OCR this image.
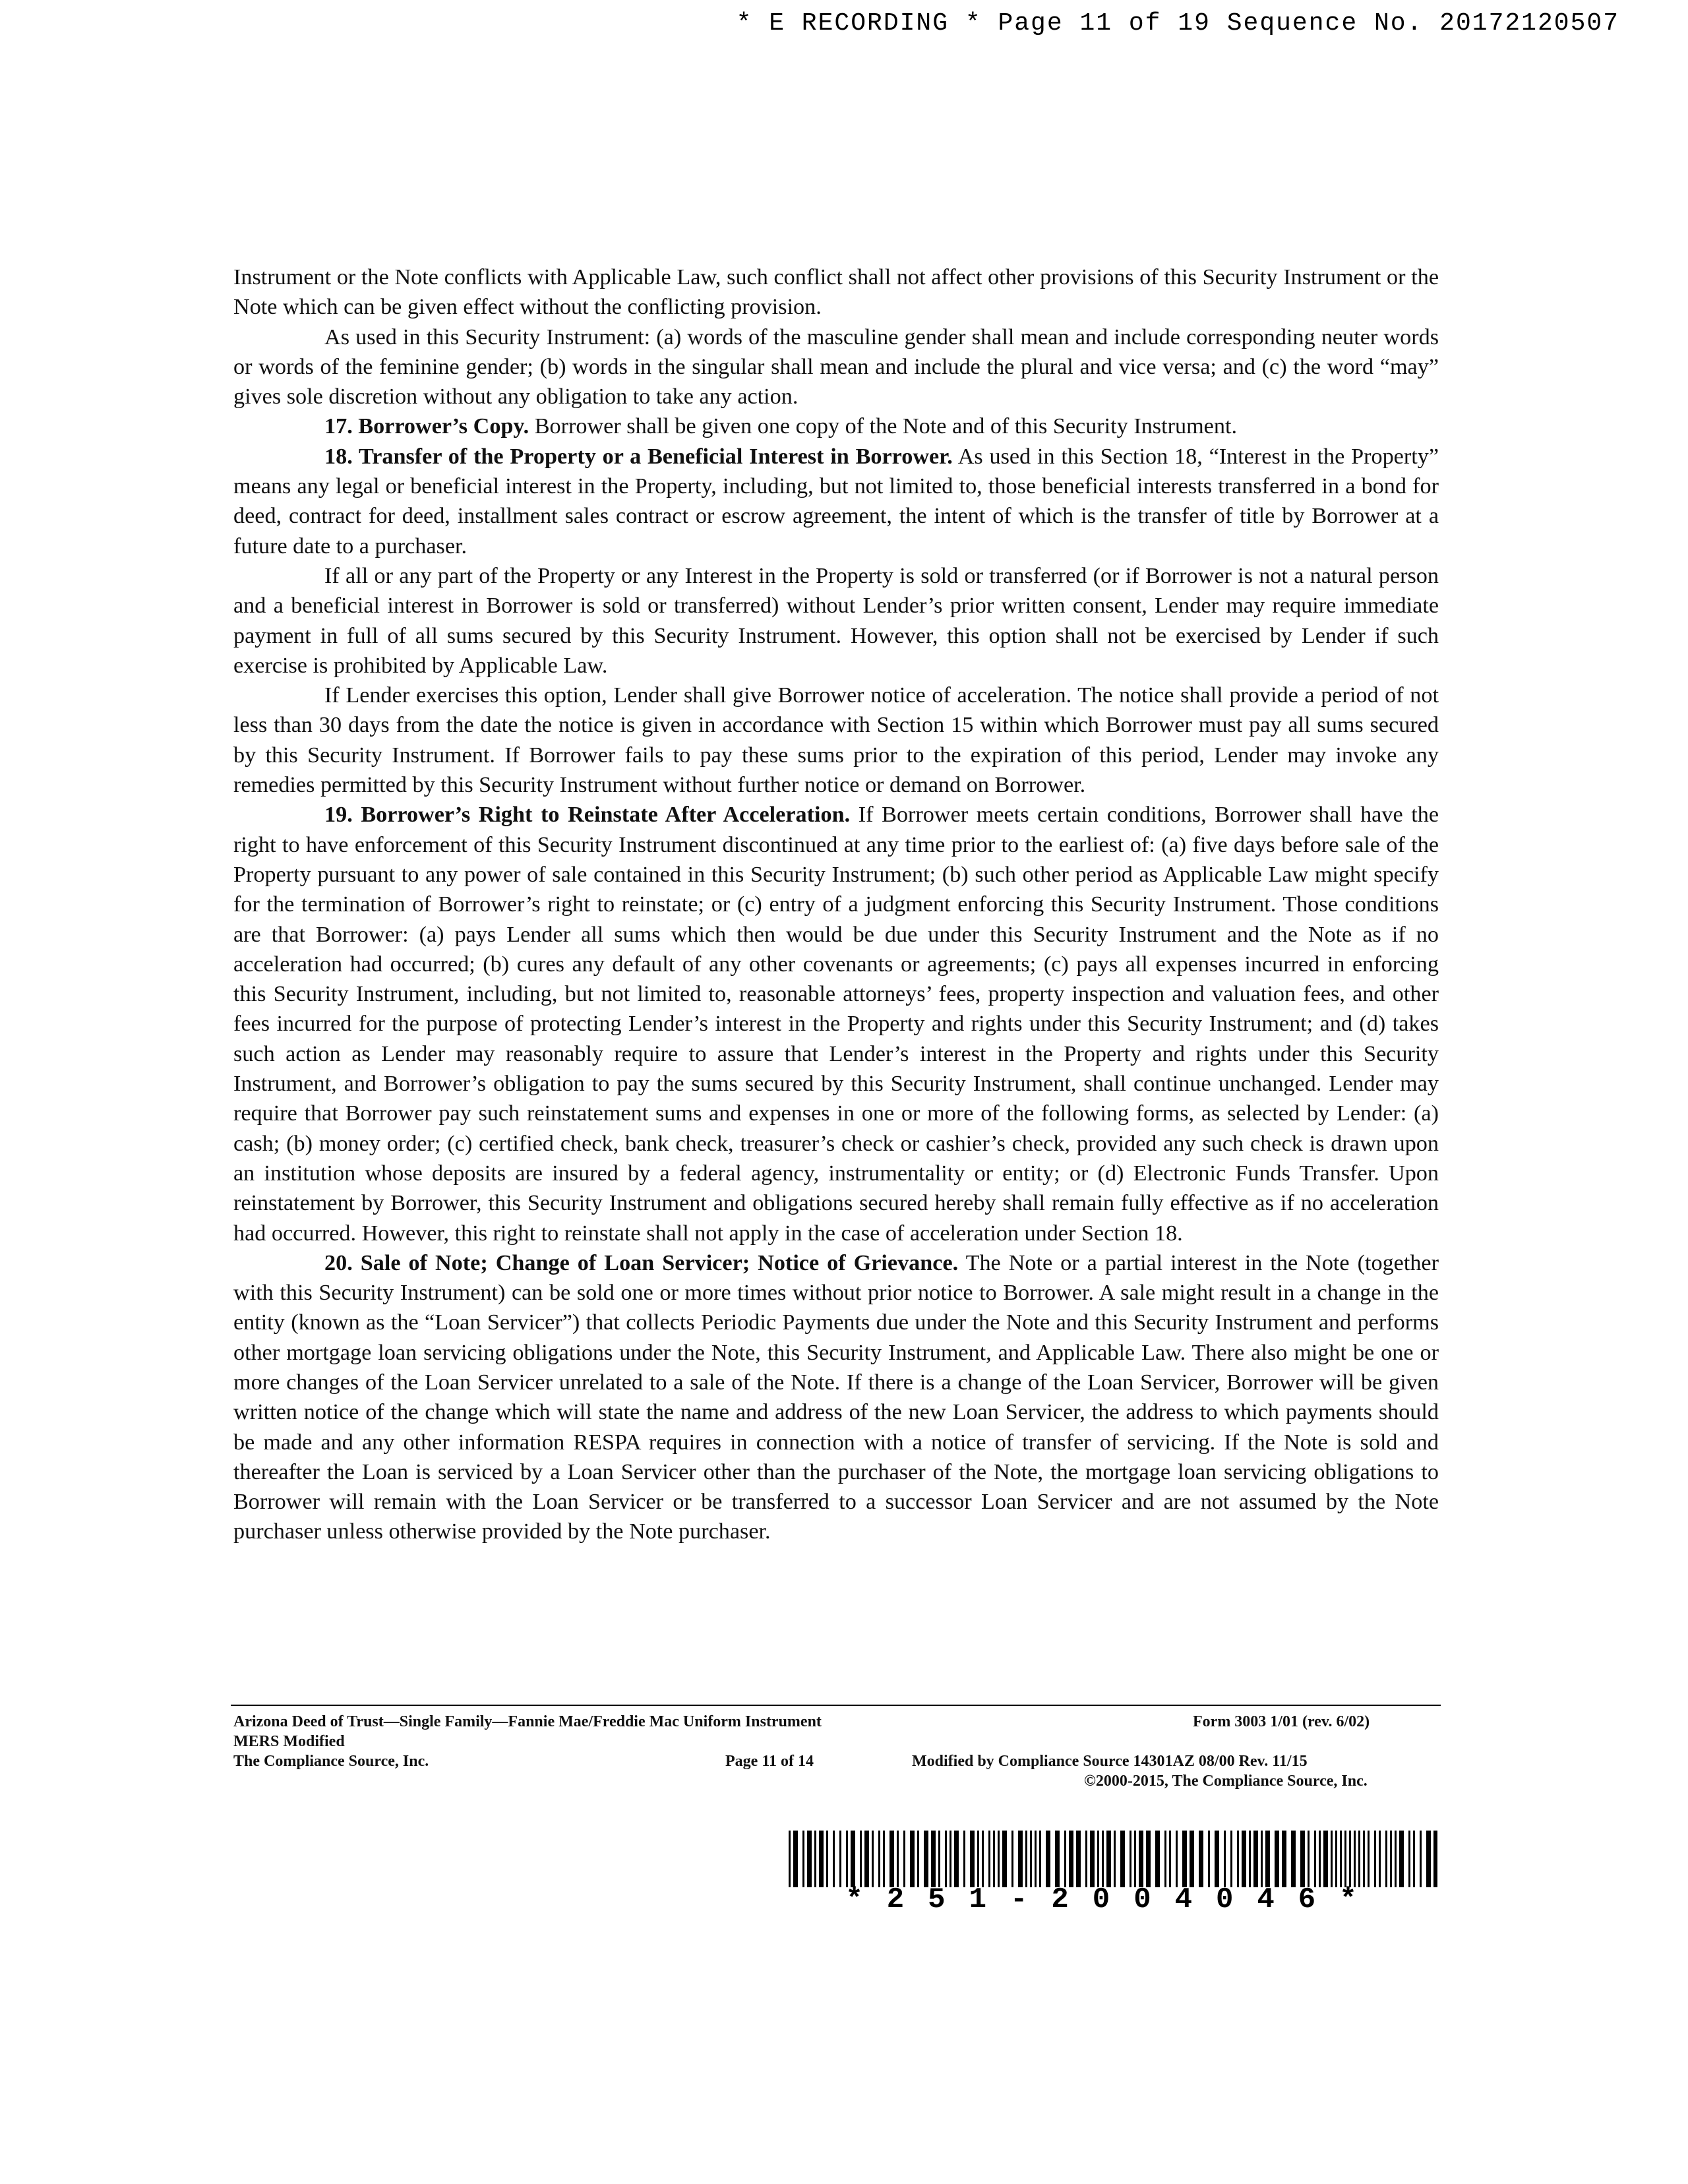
* E RECORDING * Page 11 of 19 Sequence No. 20172120507

Instrument or the Note conflicts with Applicable Law, such conflict shall not affect other provisions of this Security Instrument or the Note which can be given effect without the conflicting provision.

As used in this Security Instrument: (a) words of the masculine gender shall mean and include corresponding neuter words or words of the feminine gender; (b) words in the singular shall mean and include the plural and vice versa; and (c) the word “may” gives sole discretion without any obligation to take any action.

17. Borrower’s Copy. Borrower shall be given one copy of the Note and of this Security Instrument.

18. Transfer of the Property or a Beneficial Interest in Borrower. As used in this Section 18, “Interest in the Property” means any legal or beneficial interest in the Property, including, but not limited to, those beneficial interests transferred in a bond for deed, contract for deed, installment sales contract or escrow agreement, the intent of which is the transfer of title by Borrower at a future date to a purchaser.

If all or any part of the Property or any Interest in the Property is sold or transferred (or if Borrower is not a natural person and a beneficial interest in Borrower is sold or transferred) without Lender’s prior written consent, Lender may require immediate payment in full of all sums secured by this Security Instrument. However, this option shall not be exercised by Lender if such exercise is prohibited by Applicable Law.

If Lender exercises this option, Lender shall give Borrower notice of acceleration. The notice shall provide a period of not less than 30 days from the date the notice is given in accordance with Section 15 within which Borrower must pay all sums secured by this Security Instrument. If Borrower fails to pay these sums prior to the expiration of this period, Lender may invoke any remedies permitted by this Security Instrument without further notice or demand on Borrower.

19. Borrower’s Right to Reinstate After Acceleration. If Borrower meets certain conditions, Borrower shall have the right to have enforcement of this Security Instrument discontinued at any time prior to the earliest of: (a) five days before sale of the Property pursuant to any power of sale contained in this Security Instrument; (b) such other period as Applicable Law might specify for the termination of Borrower’s right to reinstate; or (c) entry of a judgment enforcing this Security Instrument. Those conditions are that Borrower: (a) pays Lender all sums which then would be due under this Security Instrument and the Note as if no acceleration had occurred; (b) cures any default of any other covenants or agreements; (c) pays all expenses incurred in enforcing this Security Instrument, including, but not limited to, reasonable attorneys’ fees, property inspection and valuation fees, and other fees incurred for the purpose of protecting Lender’s interest in the Property and rights under this Security Instrument; and (d) takes such action as Lender may reasonably require to assure that Lender’s interest in the Property and rights under this Security Instrument, and Borrower’s obligation to pay the sums secured by this Security Instrument, shall continue unchanged. Lender may require that Borrower pay such reinstatement sums and expenses in one or more of the following forms, as selected by Lender: (a) cash; (b) money order; (c) certified check, bank check, treasurer’s check or cashier’s check, provided any such check is drawn upon an institution whose deposits are insured by a federal agency, instrumentality or entity; or (d) Electronic Funds Transfer. Upon reinstatement by Borrower, this Security Instrument and obligations secured hereby shall remain fully effective as if no acceleration had occurred. However, this right to reinstate shall not apply in the case of acceleration under Section 18.

20. Sale of Note; Change of Loan Servicer; Notice of Grievance. The Note or a partial interest in the Note (together with this Security Instrument) can be sold one or more times without prior notice to Borrower. A sale might result in a change in the entity (known as the “Loan Servicer”) that collects Periodic Payments due under the Note and this Security Instrument and performs other mortgage loan servicing obligations under the Note, this Security Instrument, and Applicable Law. There also might be one or more changes of the Loan Servicer unrelated to a sale of the Note. If there is a change of the Loan Servicer, Borrower will be given written notice of the change which will state the name and address of the new Loan Servicer, the address to which payments should be made and any other information RESPA requires in connection with a notice of transfer of servicing. If the Note is sold and thereafter the Loan is serviced by a Loan Servicer other than the purchaser of the Note, the mortgage loan servicing obligations to Borrower will remain with the Loan Servicer or be transferred to a successor Loan Servicer and are not assumed by the Note purchaser unless otherwise provided by the Note purchaser.

Arizona Deed of Trust—Single Family—Fannie Mae/Freddie Mac Uniform Instrument	Form 3003 1/01 (rev. 6/02)
MERS Modified
The Compliance Source, Inc.	Page 11 of 14	Modified by Compliance Source 14301AZ 08/00 Rev. 11/15
©2000-2015, The Compliance Source, Inc.
*251-2004046*
